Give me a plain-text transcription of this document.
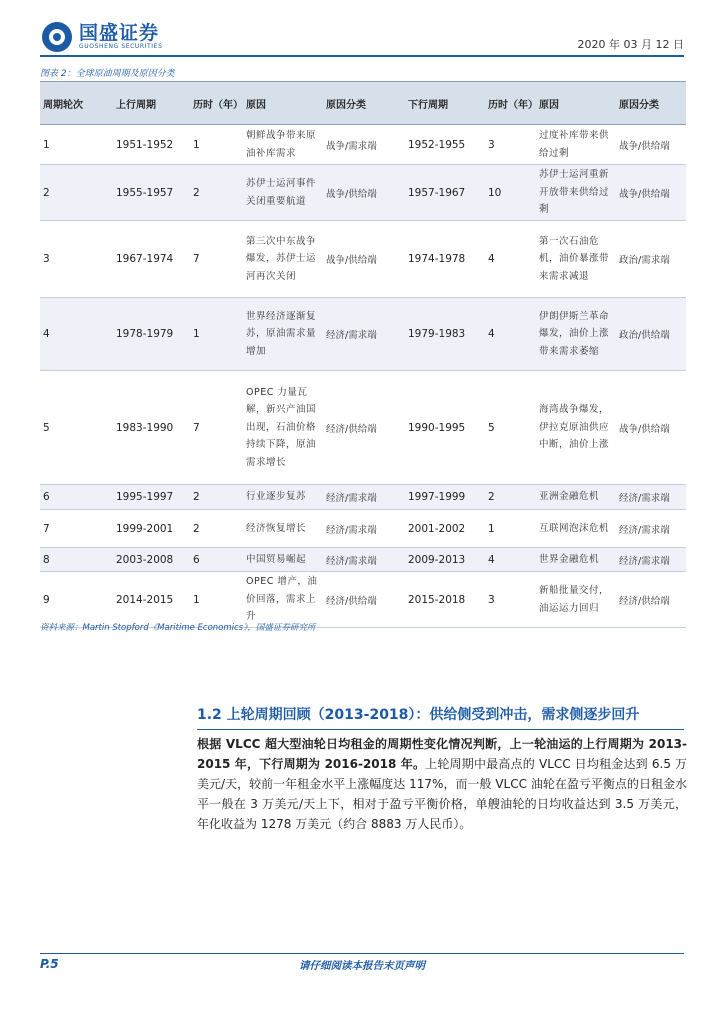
国盛证券
GUOSHENG SECURITIES	2020 年 03 月 12 日
图表 2：全球原油周期及原因分类
周期轮次	上行周期	历时（年）	原因	原因分类	下行周期	历时（年）	原因	原因分类
1	1951-1952	1	朝鲜战争带来原油补库需求	战争/需求端	1952-1955	3	过度补库带来供给过剩	战争/供给端
2	1955-1957	2	苏伊士运河事件关闭重要航道	战争/供给端	1957-1967	10	苏伊士运河重新开放带来供给过剩	战争/供给端
3	1967-1974	7	第三次中东战争爆发，苏伊士运河再次关闭	战争/供给端	1974-1978	4	第一次石油危机，油价暴涨带来需求减退	政治/需求端
4	1978-1979	1	世界经济逐渐复苏，原油需求量增加	经济/需求端	1979-1983	4	伊朗伊斯兰革命爆发，油价上涨带来需求萎缩	政治/供给端
5	1983-1990	7	OPEC 力量瓦解，新兴产油国出现，石油价格持续下降，原油需求增长	经济/供给端	1990-1995	5	海湾战争爆发，伊拉克原油供应中断，油价上涨	战争/供给端
6	1995-1997	2	行业逐步复苏	经济/需求端	1997-1999	2	亚洲金融危机	经济/需求端
7	1999-2001	2	经济恢复增长	经济/需求端	2001-2002	1	互联网泡沫危机	经济/需求端
8	2003-2008	6	中国贸易崛起	经济/需求端	2009-2013	4	世界金融危机	经济/需求端
9	2014-2015	1	OPEC 增产，油价回落，需求上升	经济/供给端	2015-2018	3	新船批量交付，油运运力回归	经济/供给端
资料来源：Martin Stopford《Maritime Economics》，国盛证券研究所
1.2 上轮周期回顾（2013-2018）：供给侧受到冲击，需求侧逐步回升
根据 VLCC 超大型油轮日均租金的周期性变化情况判断，上一轮油运的上行周期为 2013-2015 年，下行周期为 2016-2018 年。上轮周期中最高点的 VLCC 日均租金达到 6.5 万美元/天，较前一年租金水平上涨幅度达 117%，而一般 VLCC 油轮在盈亏平衡点的日租金水平一般在 3 万美元/天上下，相对于盈亏平衡价格，单艘油轮的日均收益达到 3.5 万美元，年化收益为 1278 万美元（约合 8883 万人民币）。
P.5	请仔细阅读本报告末页声明
